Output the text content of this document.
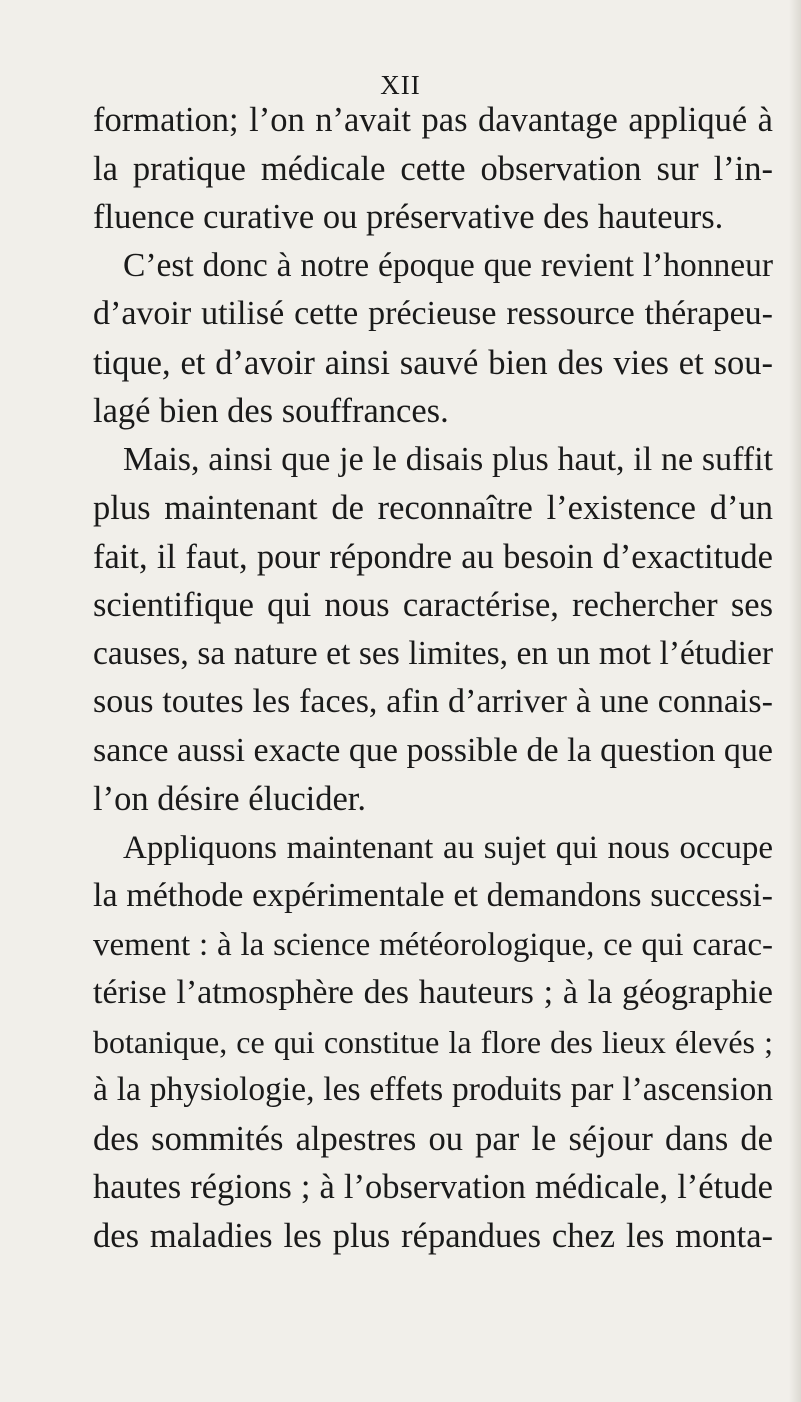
XII
formation; l’on n’avait pas davantage appliqué à
la pratique médicale cette observation sur l’in-
fluence curative ou préservative des hauteurs.
C’est donc à notre époque que revient l’honneur
d’avoir utilisé cette précieuse ressource thérapeu-
tique, et d’avoir ainsi sauvé bien des vies et sou-
lagé bien des souffrances.
Mais, ainsi que je le disais plus haut, il ne suffit
plus maintenant de reconnaître l’existence d’un
fait, il faut, pour répondre au besoin d’exactitude
scientifique qui nous caractérise, rechercher ses
causes, sa nature et ses limites, en un mot l’étudier
sous toutes les faces, afin d’arriver à une connais-
sance aussi exacte que possible de la question que
l’on désire élucider.
Appliquons maintenant au sujet qui nous occupe
la méthode expérimentale et demandons successi-
vement : à la science météorologique, ce qui carac-
térise l’atmosphère des hauteurs ; à la géographie
botanique, ce qui constitue la flore des lieux élevés ;
à la physiologie, les effets produits par l’ascension
des sommités alpestres ou par le séjour dans de
hautes régions ; à l’observation médicale, l’étude
des maladies les plus répandues chez les monta-
